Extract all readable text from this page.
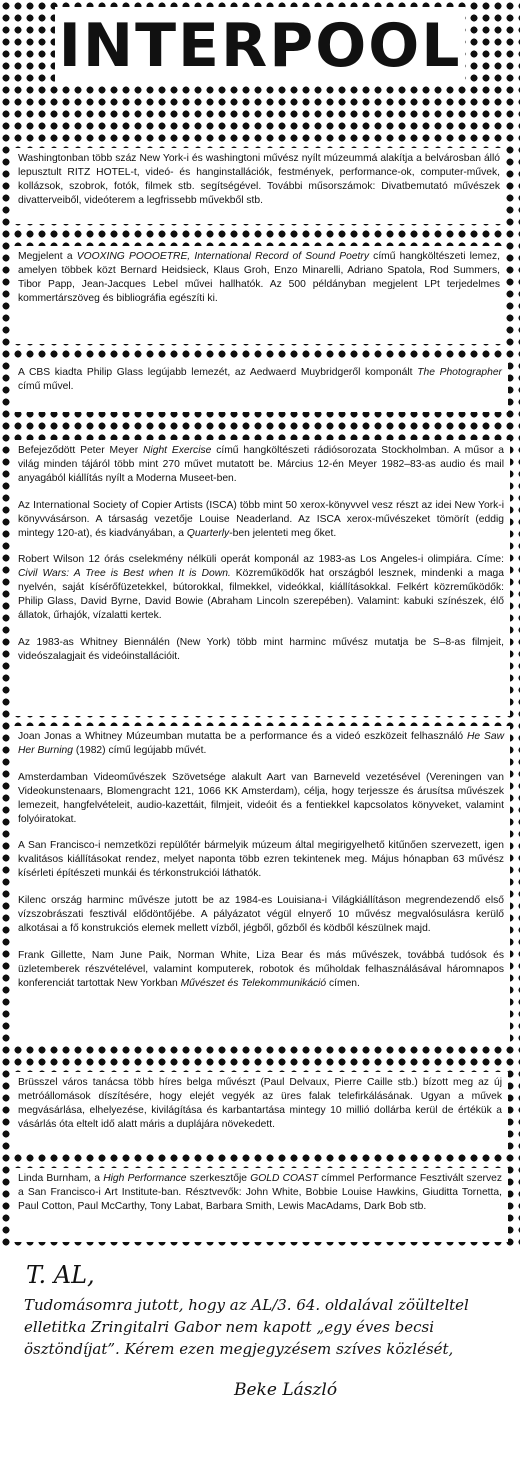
INTERPOOL

Washingtonban több száz New York-i és washingtoni művész nyílt múzeummá alakítja a belvárosban álló lepusztult RITZ HOTEL-t, videó- és hanginstallációk, festmények, performance-ok, computer-művek, kollázsok, szobrok, fotók, filmek stb. segítségével. További műsorszámok: Divatbemutató művészek divatterveiből, videóterem a legfrissebb művekből stb.

Megjelent a VOOXING POOOETRE, International Record of Sound Poetry című hangköltészeti lemez, amelyen többek közt Bernard Heidsieck, Klaus Groh, Enzo Minarelli, Adriano Spatola, Rod Summers, Tibor Papp, Jean-Jacques Lebel művei hallhatók. Az 500 példányban megjelent LPt terjedelmes kommertárszöveg és bibliográfia egészíti ki.

A CBS kiadta Philip Glass legújabb lemezét, az Aedwaerd Muybridgeről komponált The Photographer című művel.

Befejeződött Peter Meyer Night Exercise című hangköltészeti rádiósorozata Stockholmban. A műsor a világ minden tájáról több mint 270 művet mutatott be. Március 12-én Meyer 1982–83-as audio és mail anyagából kiállítás nyílt a Moderna Museet-ben.

Az International Society of Copier Artists (ISCA) több mint 50 xerox-könyvvel vesz részt az idei New York-i könyvvásárson. A társaság vezetője Louise Neaderland. Az ISCA xerox-művészeket tömörít (eddig mintegy 120-at), és kiadványában, a Quarterly-ben jelenteti meg őket.

Robert Wilson 12 órás cselekmény nélküli operát komponál az 1983-as Los Angeles-i olimpiára. Címe: Civil Wars: A Tree is Best when It is Down. Közreműködők hat országból lesznek, mindenki a maga nyelvén, saját kísérőfüzetekkel, bútorokkal, filmekkel, videókkal, kiállításokkal. Felkért közreműködők: Philip Glass, David Byrne, David Bowie (Abraham Lincoln szerepében). Valamint: kabuki színészek, élő állatok, űrhajók, vízalatti kertek.

Az 1983-as Whitney Biennálén (New York) több mint harminc művész mutatja be S–8-as filmjeit, videószalagjait és videóinstallációit.

Joan Jonas a Whitney Múzeumban mutatta be a performance és a videó eszközeit felhasználó He Saw Her Burning (1982) című legújabb művét.

Amsterdamban Videoművészek Szövetsége alakult Aart van Barneveld vezetésével (Vereningen van Videokunstenaars, Blomengracht 121, 1066 KK Amsterdam), célja, hogy terjessze és árusítsa művészek lemezeit, hangfelvételeit, audio-kazettáit, filmjeit, videóit és a fentiekkel kapcsolatos könyveket, valamint folyóiratokat.

A San Francisco-i nemzetközi repülőtér bármelyik múzeum által megirigyelhető kitűnően szervezett, igen kvalitásos kiállításokat rendez, melyet naponta több ezren tekintenek meg. Május hónapban 63 művész kísérleti építészeti munkái és térkonstrukciói láthatók.

Kilenc ország harminc művésze jutott be az 1984-es Louisiana-i Világkiállításon megrendezendő első vízszobrászati fesztivál elődöntőjébe. A pályázatot végül elnyerő 10 művész megvalósulásra kerülő alkotásai a fő konstrukciós elemek mellett vízből, jégből, gőzből és ködből készülnek majd.

Frank Gillette, Nam June Paik, Norman White, Liza Bear és más művészek, továbbá tudósok és üzletemberek részvételével, valamint komputerek, robotok és műholdak felhasználásával háromnapos konferenciát tartottak New Yorkban Művészet és Telekommunikáció címen.

Brüsszel város tanácsa több híres belga művészt (Paul Delvaux, Pierre Caille stb.) bízott meg az új metróállomások díszítésére, hogy elejét vegyék az üres falak telefirkálásának. Ugyan a művek megvásárlása, elhelyezése, kivilágítása és karbantartása mintegy 10 millió dollárba kerül de értékük a vásárlás óta eltelt idő alatt máris a duplájára növekedett.

Linda Burnham, a High Performance szerkesztője GOLD COAST címmel Performance Fesztivált szervez a San Francisco-i Art Institute-ban. Résztvevők: John White, Bobbie Louise Hawkins, Giuditta Tornetta, Paul Cotton, Paul McCarthy, Tony Labat, Barbara Smith, Lewis MacAdams, Dark Bob stb.

T. AL,
Tudomásomra jutott, hogy az AL/3. 64. oldalával zöülteltel elletitka Zringitalri Gabor nem kapott „egy éves becsi ösztöndíjat”. Kérem ezen megjegyzésem szíves közlését,
Beke László
